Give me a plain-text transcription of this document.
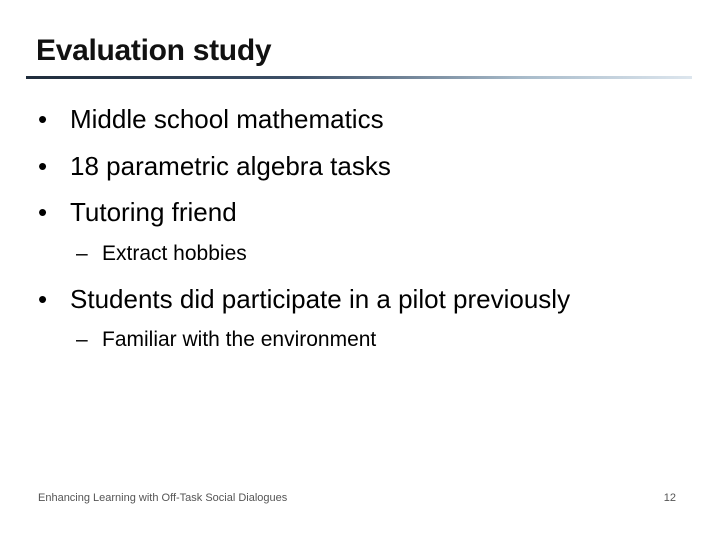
Evaluation study
• Middle school mathematics
• 18 parametric algebra tasks
• Tutoring friend
– Extract hobbies
• Students did participate in a pilot previously
– Familiar with the environment
Enhancing Learning with Off-Task Social Dialogues	12
